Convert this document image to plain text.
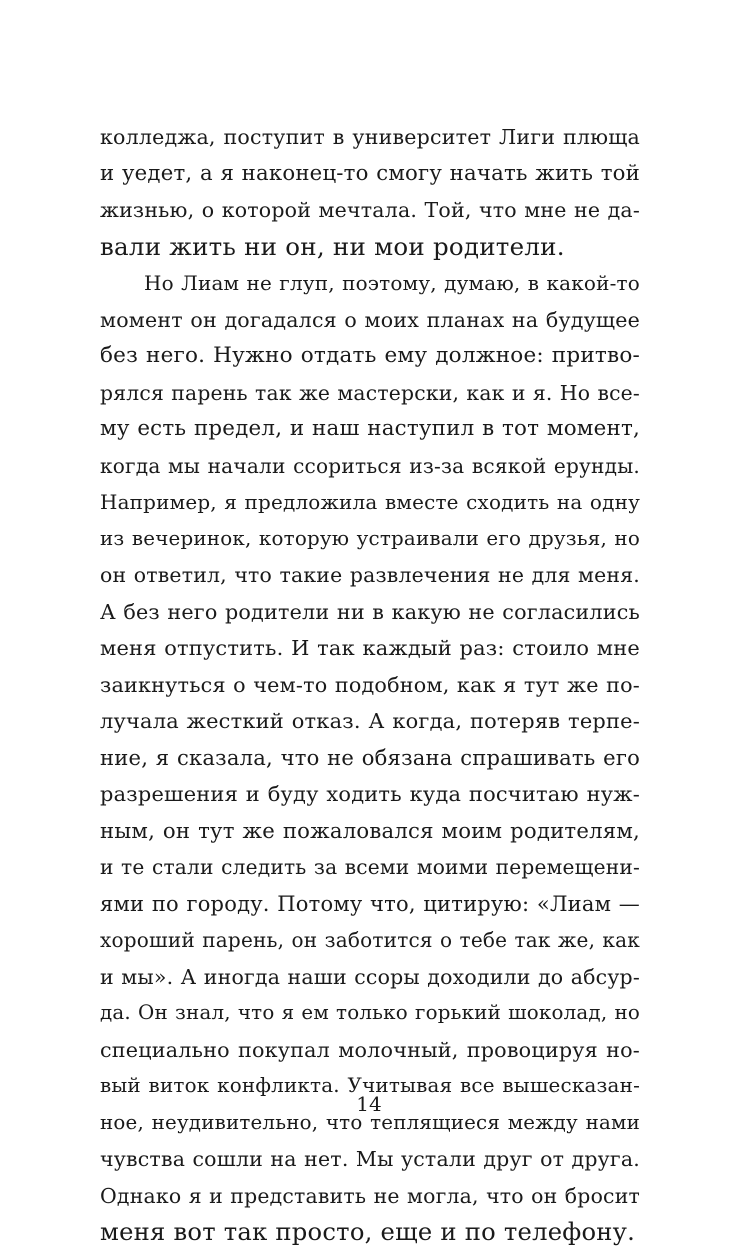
колледжа, поступит в университет Лиги плюща
и уедет, а я наконец-то смогу начать жить той
жизнью, о которой мечтала. Той, что мне не да-
вали жить ни он, ни мои родители.
Но Лиам не глуп, поэтому, думаю, в какой-то
момент он догадался о моих планах на будущее
без него. Нужно отдать ему должное: притво-
рялся парень так же мастерски, как и я. Но все-
му есть предел, и наш наступил в тот момент,
когда мы начали ссориться из-за всякой ерунды.
Например, я предложила вместе сходить на одну
из вечеринок, которую устраивали его друзья, но
он ответил, что такие развлечения не для меня.
А без него родители ни в какую не согласились
меня отпустить. И так каждый раз: стоило мне
заикнуться о чем-то подобном, как я тут же по-
лучала жесткий отказ. А когда, потеряв терпе-
ние, я сказала, что не обязана спрашивать его
разрешения и буду ходить куда посчитаю нуж-
ным, он тут же пожаловался моим родителям,
и те стали следить за всеми моими перемещени-
ями по городу. Потому что, цитирую: «Лиам —
хороший парень, он заботится о тебе так же, как
и мы». А иногда наши ссоры доходили до абсур-
да. Он знал, что я ем только горький шоколад, но
специально покупал молочный, провоцируя но-
вый виток конфликта. Учитывая все вышесказан-
ное, неудивительно, что теплящиеся между нами
чувства сошли на нет. Мы устали друг от друга.
Однако я и представить не могла, что он бросит
меня вот так просто, еще и по телефону.
14
